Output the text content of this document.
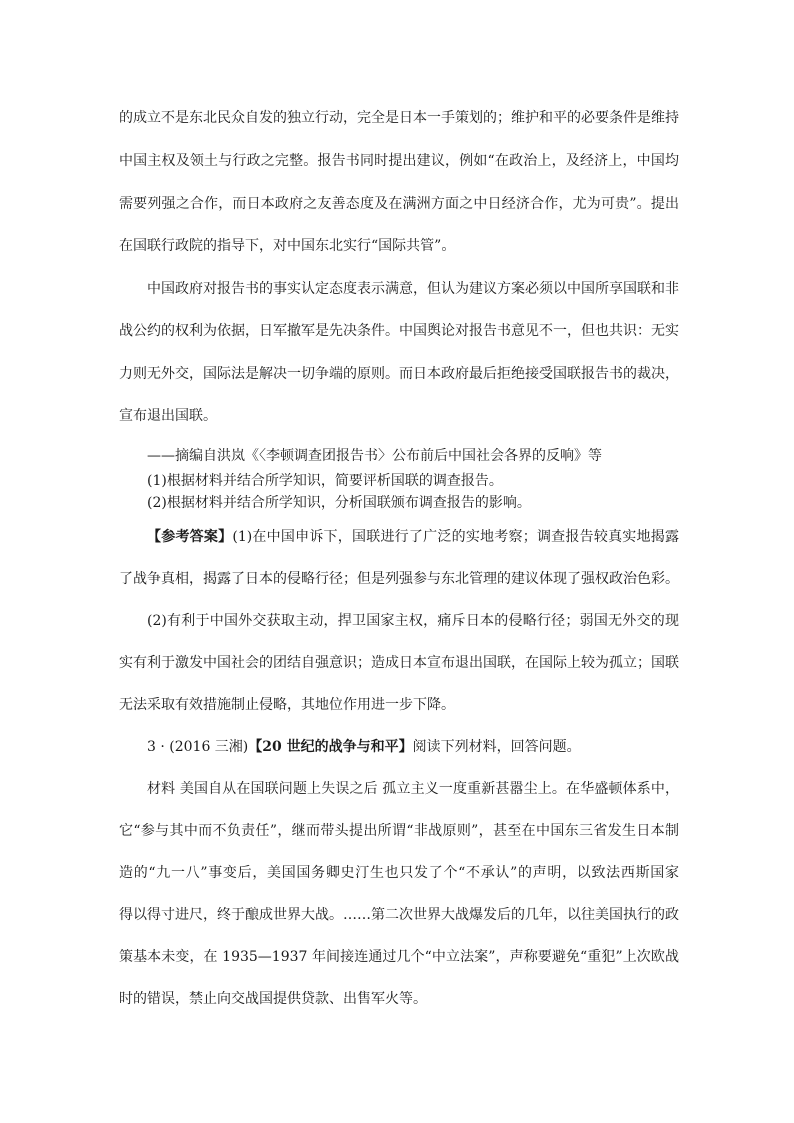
的成立不是东北民众自发的独立行动，完全是日本一手策划的；维护和平的必要条件是维持
中国主权及领土与行政之完整。报告书同时提出建议，例如“在政治上，及经济上，中国均
需要列强之合作，而日本政府之友善态度及在满洲方面之中日经济合作，尤为可贵”。提出
在国联行政院的指导下，对中国东北实行“国际共管”。
中国政府对报告书的事实认定态度表示满意，但认为建议方案必须以中国所享国联和非
战公约的权利为依据，日军撤军是先决条件。中国舆论对报告书意见不一，但也共识：无实
力则无外交，国际法是解决一切争端的原则。而日本政府最后拒绝接受国联报告书的裁决，
宣布退出国联。
——摘编自洪岚《〈李顿调查团报告书〉公布前后中国社会各界的反响》等
(1)根据材料并结合所学知识，简要评析国联的调查报告。
(2)根据材料并结合所学知识，分析国联颁布调查报告的影响。
【参考答案】(1)在中国申诉下，国联进行了广泛的实地考察；调查报告较真实地揭露
了战争真相，揭露了日本的侵略行径；但是列强参与东北管理的建议体现了强权政治色彩。
(2)有利于中国外交获取主动，捍卫国家主权，痛斥日本的侵略行径；弱国无外交的现
实有利于激发中国社会的团结自强意识；造成日本宣布退出国联，在国际上较为孤立；国联
无法采取有效措施制止侵略，其地位作用进一步下降。
3 · (2016 三湘)【20 世纪的战争与和平】阅读下列材料，回答问题。
材料 美国自从在国联问题上失误之后 孤立主义一度重新甚嚣尘上。在华盛顿体系中，
它“参与其中而不负责任”，继而带头提出所谓“非战原则”，甚至在中国东三省发生日本制
造的“九一八”事变后，美国国务卿史汀生也只发了个“不承认”的声明，以致法西斯国家
得以得寸进尺，终于酿成世界大战。……第二次世界大战爆发后的几年，以往美国执行的政
策基本未变，在 1935—1937 年间接连通过几个“中立法案”，声称要避免“重犯”上次欧战
时的错误，禁止向交战国提供贷款、出售军火等。
